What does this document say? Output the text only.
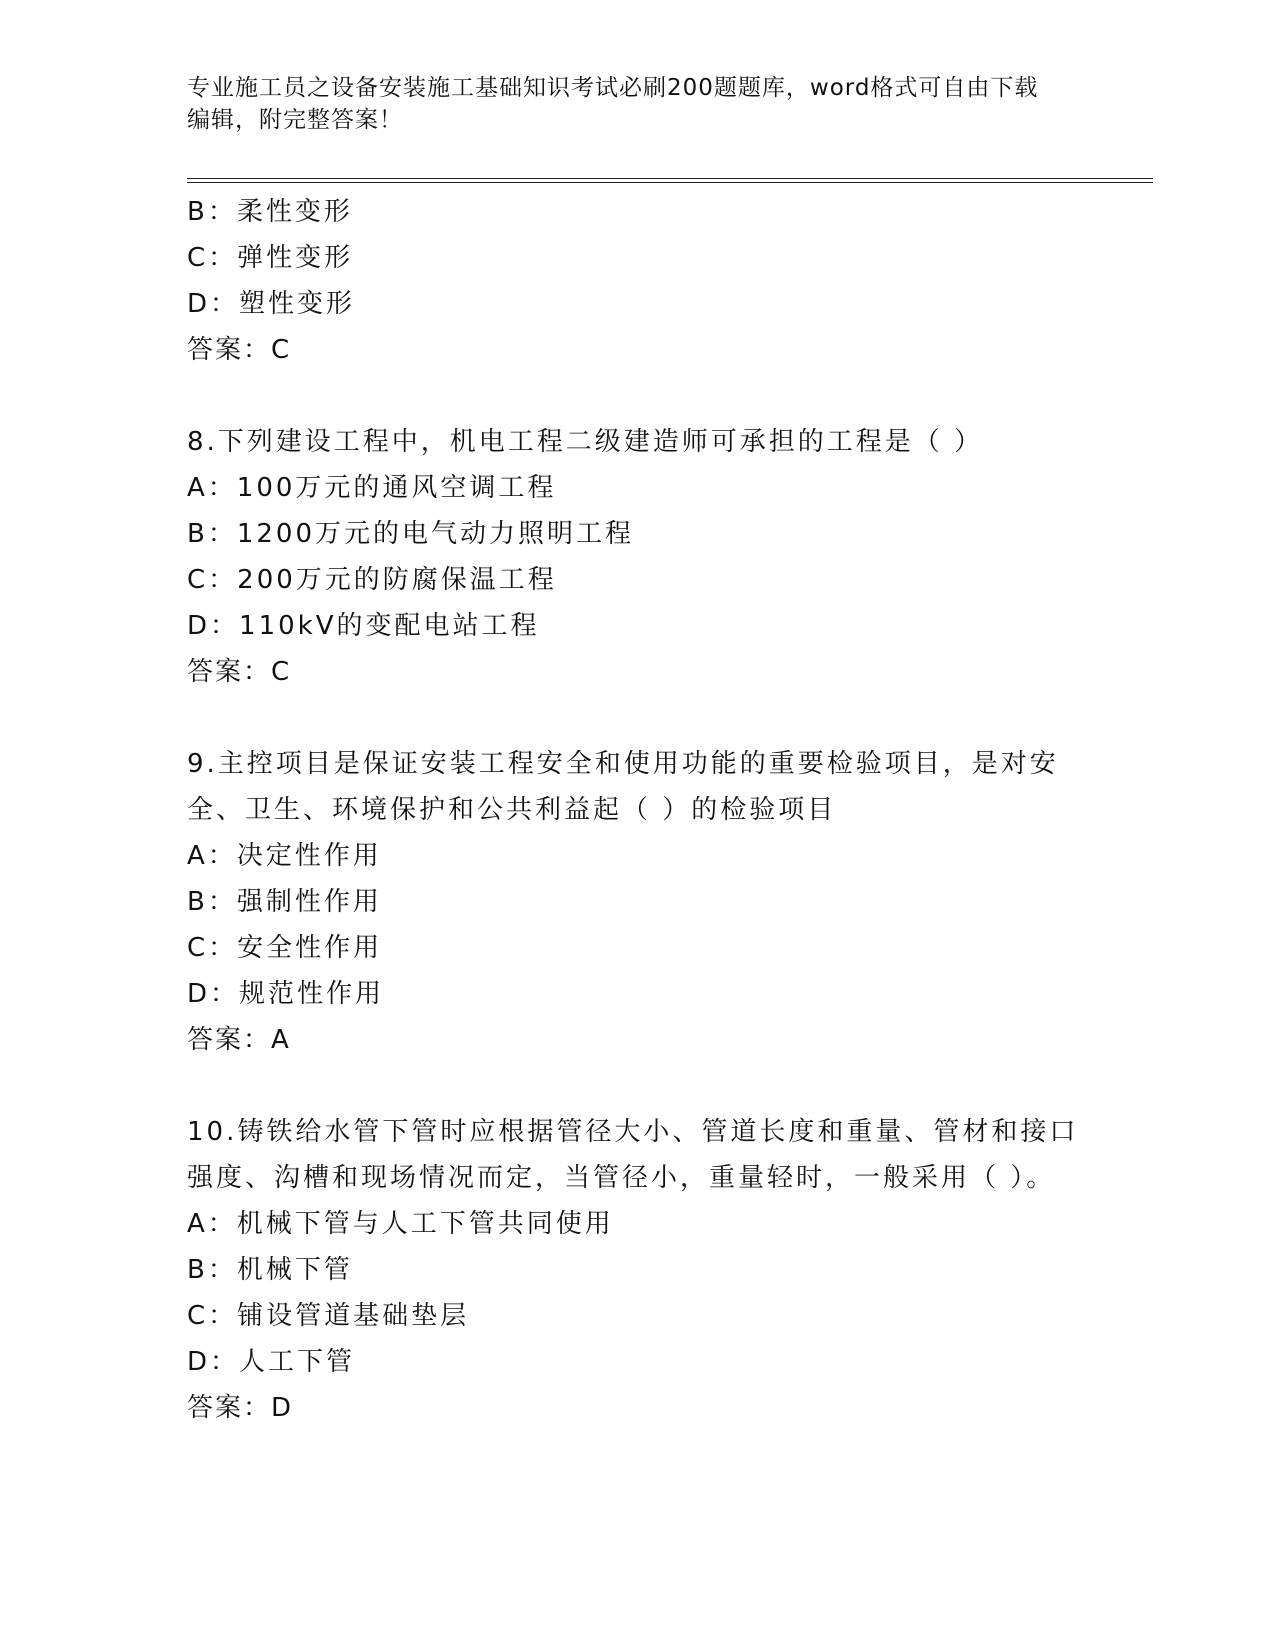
专业施工员之设备安装施工基础知识考试必刷200题题库，word格式可自由下载
编辑，附完整答案！
B：柔性变形
C：弹性变形
D：塑性变形
答案：C
8.下列建设工程中，机电工程二级建造师可承担的工程是（ ）
A：100万元的通风空调工程
B：1200万元的电气动力照明工程
C：200万元的防腐保温工程
D：110kV的变配电站工程
答案：C
9.主控项目是保证安装工程安全和使用功能的重要检验项目，是对安
全、卫生、环境保护和公共利益起（ ）的检验项目
A：决定性作用
B：强制性作用
C：安全性作用
D：规范性作用
答案：A
10.铸铁给水管下管时应根据管径大小、管道长度和重量、管材和接口
强度、沟槽和现场情况而定，当管径小，重量轻时，一般采用（ ）。
A：机械下管与人工下管共同使用
B：机械下管
C：铺设管道基础垫层
D：人工下管
答案：D
